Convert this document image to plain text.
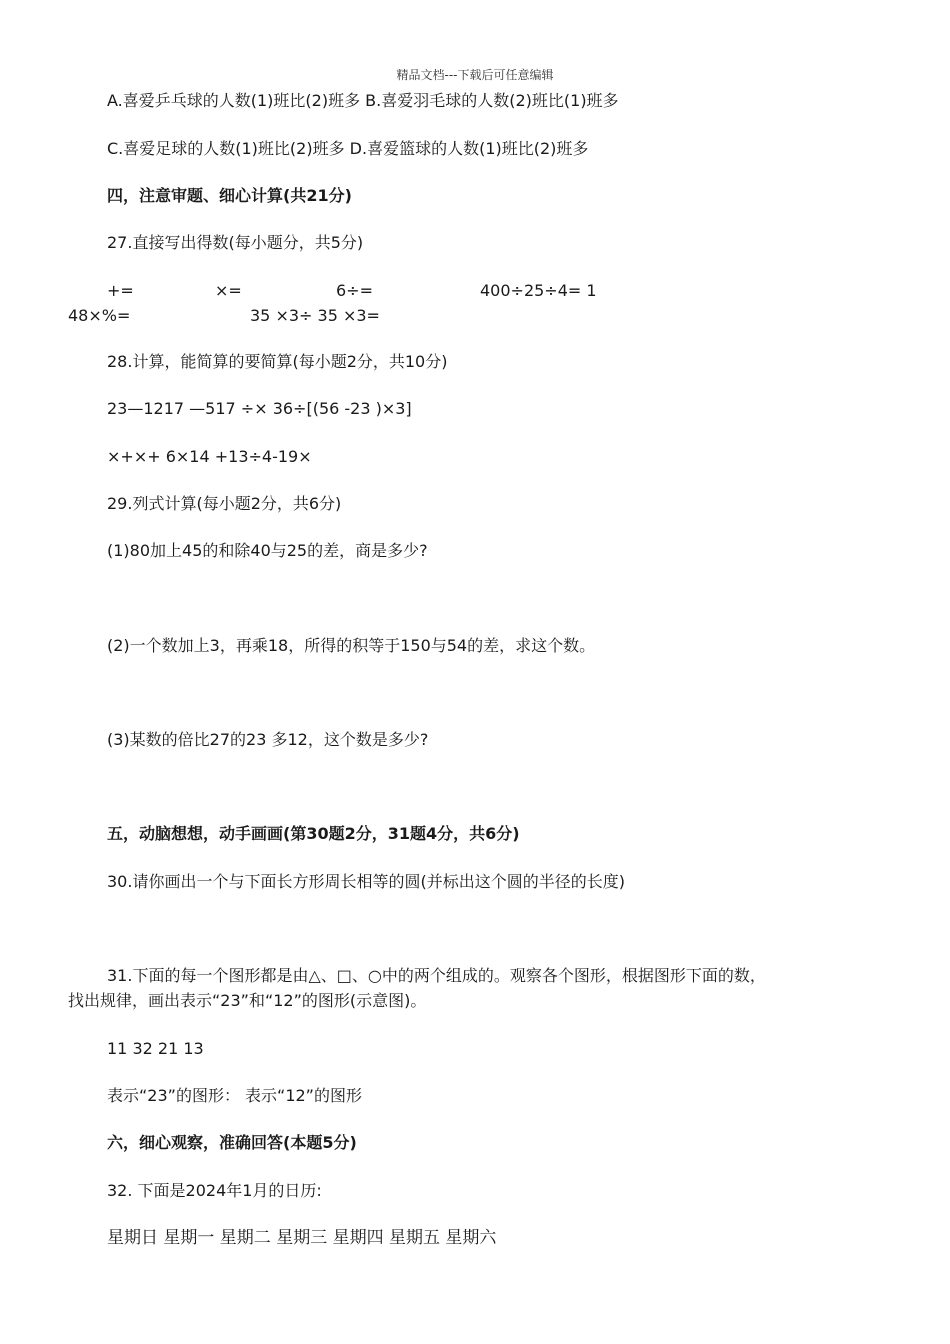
精品文档---下载后可任意编辑
A.喜爱乒乓球的人数(1)班比(2)班多 B.喜爱羽毛球的人数(2)班比(1)班多
C.喜爱足球的人数(1)班比(2)班多 D.喜爱篮球的人数(1)班比(2)班多
四，注意审题、细心计算(共21分)
27.直接写出得数(每小题分，共5分)
+=	×=	6÷=	400÷25÷4= 1
48×%=	35 ×3÷ 35 ×3=
28.计算，能简算的要简算(每小题2分，共10分)
23—1217 —517 ÷× 36÷[(56 -23 )×3]
×+×+ 6×14 +13÷4-19×
29.列式计算(每小题2分，共6分)
(1)80加上45的和除40与25的差，商是多少?
(2)一个数加上3，再乘18，所得的积等于150与54的差，求这个数。
(3)某数的倍比27的23 多12，这个数是多少?
五，动脑想想，动手画画(第30题2分，31题4分，共6分)
30.请你画出一个与下面长方形周长相等的圆(并标出这个圆的半径的长度)
31.下面的每一个图形都是由△、□、○中的两个组成的。观察各个图形，根据图形下面的数，
找出规律，画出表示“23”和“12”的图形(示意图)。
11 32 21 13
表示“23”的图形： 表示“12”的图形
六，细心观察，准确回答(本题5分)
32. 下面是2024年1月的日历:
星期日 星期一 星期二 星期三 星期四 星期五 星期六
